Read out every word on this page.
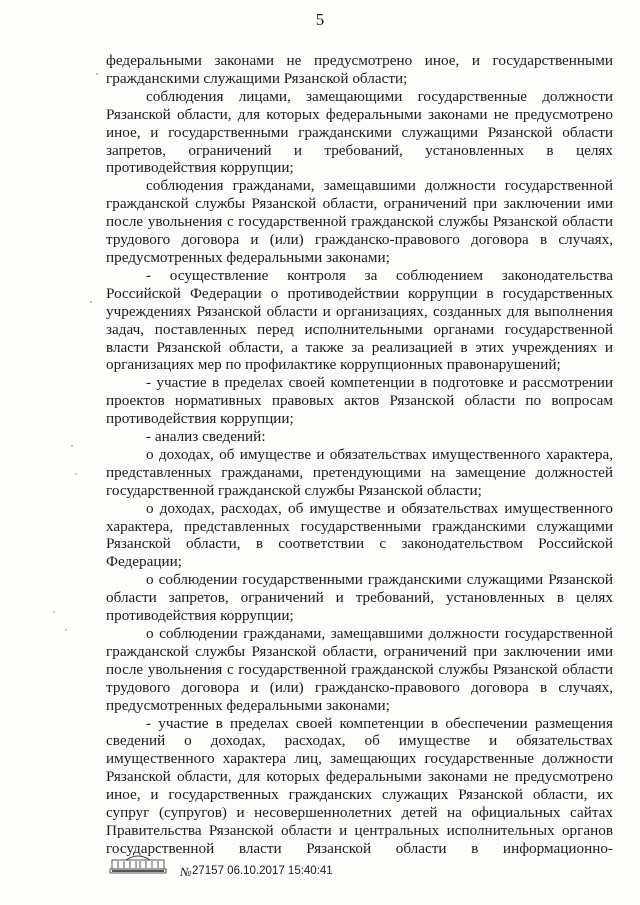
5

федеральными законами не предусмотрено иное, и государственными гражданскими служащими Рязанской области;

соблюдения лицами, замещающими государственные должности Рязанской области, для которых федеральными законами не предусмотрено иное, и государственными гражданскими служащими Рязанской области запретов, ограничений и требований, установленных в целях противодействия коррупции;

соблюдения гражданами, замещавшими должности государственной гражданской службы Рязанской области, ограничений при заключении ими после увольнения с государственной гражданской службы Рязанской области трудового договора и (или) гражданско-правового договора в случаях, предусмотренных федеральными законами;

- осуществление контроля за соблюдением законодательства Российской Федерации о противодействии коррупции в государственных учреждениях Рязанской области и организациях, созданных для выполнения задач, поставленных перед исполнительными органами государственной власти Рязанской области, а также за реализацией в этих учреждениях и организациях мер по профилактике коррупционных правонарушений;

- участие в пределах своей компетенции в подготовке и рассмотрении проектов нормативных правовых актов Рязанской области по вопросам противодействия коррупции;

- анализ сведений:

о доходах, об имуществе и обязательствах имущественного характера, представленных гражданами, претендующими на замещение должностей государственной гражданской службы Рязанской области;

о доходах, расходах, об имуществе и обязательствах имущественного характера, представленных государственными гражданскими служащими Рязанской области, в соответствии с законодательством Российской Федерации;

о соблюдении государственными гражданскими служащими Рязанской области запретов, ограничений и требований, установленных в целях противодействия коррупции;

о соблюдении гражданами, замещавшими должности государственной гражданской службы Рязанской области, ограничений при заключении ими после увольнения с государственной гражданской службы Рязанской области трудового договора и (или) гражданско-правового договора в случаях, предусмотренных федеральными законами;

- участие в пределах своей компетенции в обеспечении размещения сведений о доходах, расходах, об имуществе и обязательствах имущественного характера лиц, замещающих государственные должности Рязанской области, для которых федеральными законами не предусмотрено иное, и государственных гражданских служащих Рязанской области, их супруг (супругов) и несовершеннолетних детей на официальных сайтах Правительства Рязанской области и центральных исполнительных органов государственной власти Рязанской области в информационно-

№ 27157 06.10.2017 15:40:41
